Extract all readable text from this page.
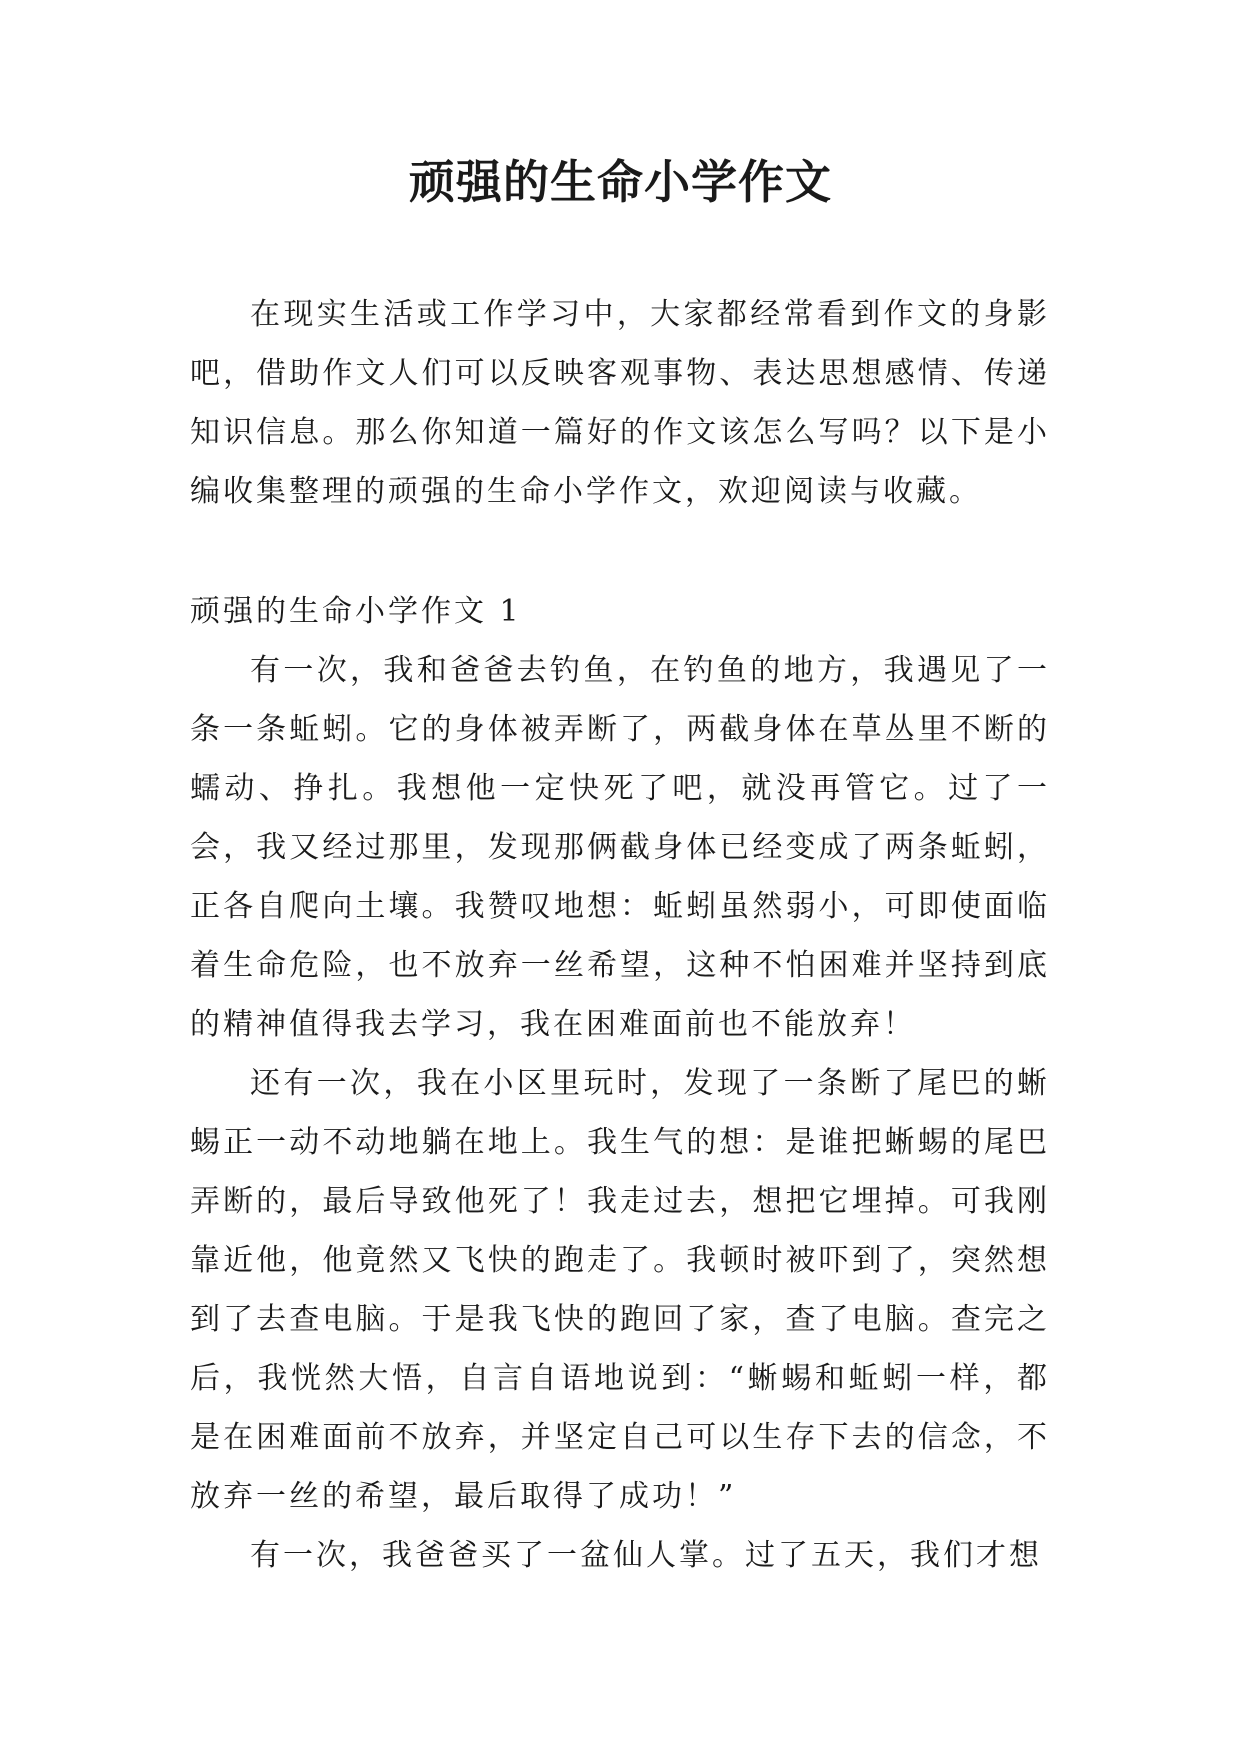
顽强的生命小学作文

在现实生活或工作学习中，大家都经常看到作文的身影吧，借助作文人们可以反映客观事物、表达思想感情、传递知识信息。那么你知道一篇好的作文该怎么写吗？以下是小编收集整理的顽强的生命小学作文，欢迎阅读与收藏。

顽强的生命小学作文 1

有一次，我和爸爸去钓鱼，在钓鱼的地方，我遇见了一条一条蚯蚓。它的身体被弄断了，两截身体在草丛里不断的蠕动、挣扎。我想他一定快死了吧，就没再管它。过了一会，我又经过那里，发现那俩截身体已经变成了两条蚯蚓，正各自爬向土壤。我赞叹地想：蚯蚓虽然弱小，可即使面临着生命危险，也不放弃一丝希望，这种不怕困难并坚持到底的精神值得我去学习，我在困难面前也不能放弃！

还有一次，我在小区里玩时，发现了一条断了尾巴的蜥蜴正一动不动地躺在地上。我生气的想：是谁把蜥蜴的尾巴弄断的，最后导致他死了！我走过去，想把它埋掉。可我刚靠近他，他竟然又飞快的跑走了。我顿时被吓到了，突然想到了去查电脑。于是我飞快的跑回了家，查了电脑。查完之后，我恍然大悟，自言自语地说到：“蜥蜴和蚯蚓一样，都是在困难面前不放弃，并坚定自己可以生存下去的信念，不放弃一丝的希望，最后取得了成功！”

有一次，我爸爸买了一盆仙人掌。过了五天，我们才想
